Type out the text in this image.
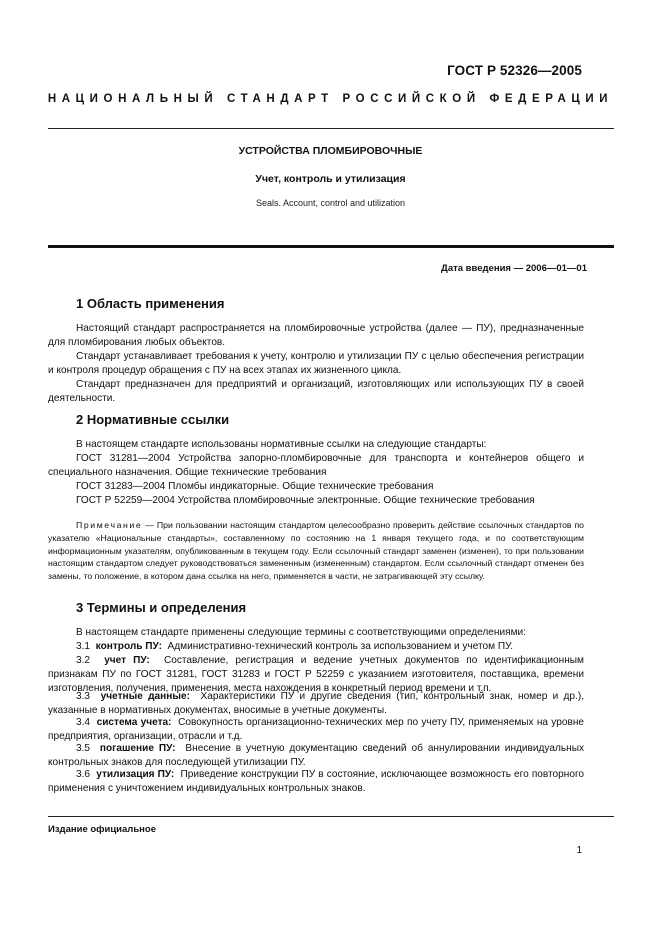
ГОСТ Р 52326—2005
НАЦИОНАЛЬНЫЙ СТАНДАРТ РОССИЙСКОЙ ФЕДЕРАЦИИ
УСТРОЙСТВА ПЛОМБИРОВОЧНЫЕ
Учет, контроль и утилизация
Seals. Account, control and utilization
Дата введения — 2006—01—01
1 Область применения
Настоящий стандарт распространяется на пломбировочные устройства (далее — ПУ), предназначенные для пломбирования любых объектов.
Стандарт устанавливает требования к учету, контролю и утилизации ПУ с целью обеспечения регистрации и контроля процедур обращения с ПУ на всех этапах их жизненного цикла.
Стандарт предназначен для предприятий и организаций, изготовляющих или использующих ПУ в своей деятельности.
2 Нормативные ссылки
В настоящем стандарте использованы нормативные ссылки на следующие стандарты:
ГОСТ 31281—2004 Устройства запорно-пломбировочные для транспорта и контейнеров общего и специального назначения. Общие технические требования
ГОСТ 31283—2004 Пломбы индикаторные. Общие технические требования
ГОСТ Р 52259—2004 Устройства пломбировочные электронные. Общие технические требования
Примечание — При пользовании настоящим стандартом целесообразно проверить действие ссылочных стандартов по указателю «Национальные стандарты», составленному по состоянию на 1 января текущего года, и по соответствующим информационным указателям, опубликованным в текущем году. Если ссылочный стандарт заменен (изменен), то при пользовании настоящим стандартом следует руководствоваться замененным (измененным) стандартом. Если ссылочный стандарт отменен без замены, то положение, в котором дана ссылка на него, применяется в части, не затрагивающей эту ссылку.
3 Термины и определения
В настоящем стандарте применены следующие термины с соответствующими определениями:
3.1 контроль ПУ: Административно-технический контроль за использованием и учетом ПУ.
3.2 учет ПУ: Составление, регистрация и ведение учетных документов по идентификационным признакам ПУ по ГОСТ 31281, ГОСТ 31283 и ГОСТ Р 52259 с указанием изготовителя, поставщика, времени изготовления, получения, применения, места нахождения в конкретный период времени и т.п.
3.3 учетные данные: Характеристики ПУ и другие сведения (тип, контрольный знак, номер и др.), указанные в нормативных документах, вносимые в учетные документы.
3.4 система учета: Совокупность организационно-технических мер по учету ПУ, применяемых на уровне предприятия, организации, отрасли и т.д.
3.5 погашение ПУ: Внесение в учетную документацию сведений об аннулировании индивидуальных контрольных знаков для последующей утилизации ПУ.
3.6 утилизация ПУ: Приведение конструкции ПУ в состояние, исключающее возможность его повторного применения с уничтожением индивидуальных контрольных знаков.
Издание официальное
1
